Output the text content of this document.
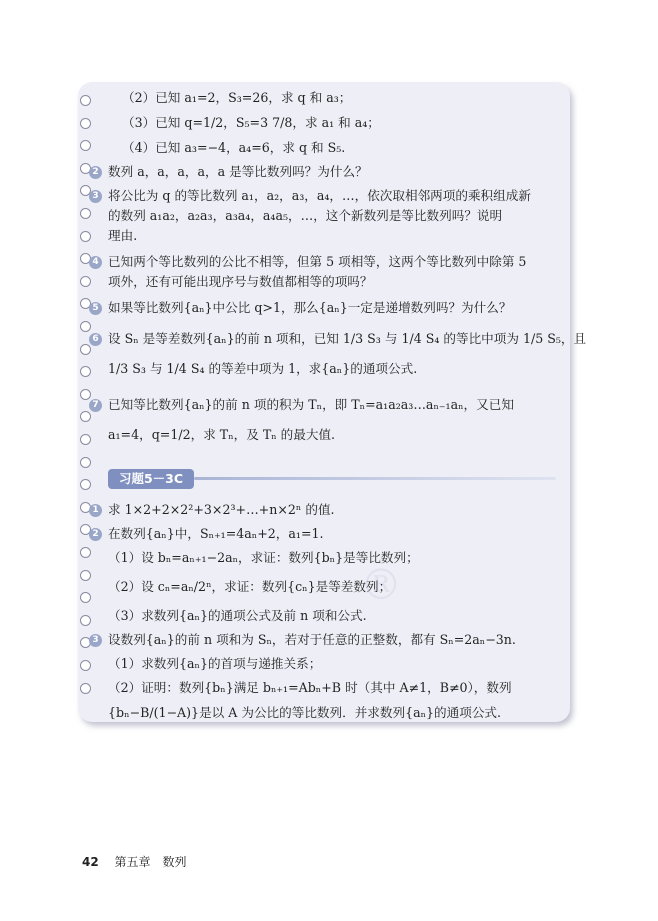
（2）已知 a₁=2，S₃=26，求 q 和 a₃；
（3）已知 q=1/2，S₅=3 7/8，求 a₁ 和 a₄；
（4）已知 a₃=−4，a₄=6，求 q 和 S₅.
2 数列 a，a，a，a，a 是等比数列吗？为什么？
3 将公比为 q 的等比数列 a₁，a₂，a₃，a₄，…，依次取相邻两项的乘积组成新
的数列 a₁a₂，a₂a₃，a₃a₄，a₄a₅，…，这个新数列是等比数列吗？说明
理由.
4 已知两个等比数列的公比不相等，但第 5 项相等，这两个等比数列中除第 5
项外，还有可能出现序号与数值都相等的项吗？
5 如果等比数列{aₙ}中公比 q>1，那么{aₙ}一定是递增数列吗？为什么？
6 设 Sₙ 是等差数列{aₙ}的前 n 项和，已知 1/3 S₃ 与 1/4 S₄ 的等比中项为 1/5 S₅，且
1/3 S₃ 与 1/4 S₄ 的等差中项为 1，求{aₙ}的通项公式.
7 已知等比数列{aₙ}的前 n 项的积为 Tₙ，即 Tₙ=a₁a₂a₃…aₙ₋₁aₙ，又已知
a₁=4，q=1/2，求 Tₙ，及 Tₙ 的最大值.
习题5－3C
1 求 1×2+2×2²+3×2³+…+n×2ⁿ 的值.
2 在数列{aₙ}中，Sₙ₊₁=4aₙ+2，a₁=1.
（1）设 bₙ=aₙ₊₁−2aₙ，求证：数列{bₙ}是等比数列；
（2）设 cₙ=aₙ/2ⁿ，求证：数列{cₙ}是等差数列；
（3）求数列{aₙ}的通项公式及前 n 项和公式.
3 设数列{aₙ}的前 n 项和为 Sₙ，若对于任意的正整数，都有 Sₙ=2aₙ−3n.
（1）求数列{aₙ}的首项与递推关系；
（2）证明：数列{bₙ}满足 bₙ₊₁=Abₙ+B 时（其中 A≠1，B≠0），数列
{bₙ−B/(1−A)}是以 A 为公比的等比数列．并求数列{aₙ}的通项公式.
®
42 第五章　数列
